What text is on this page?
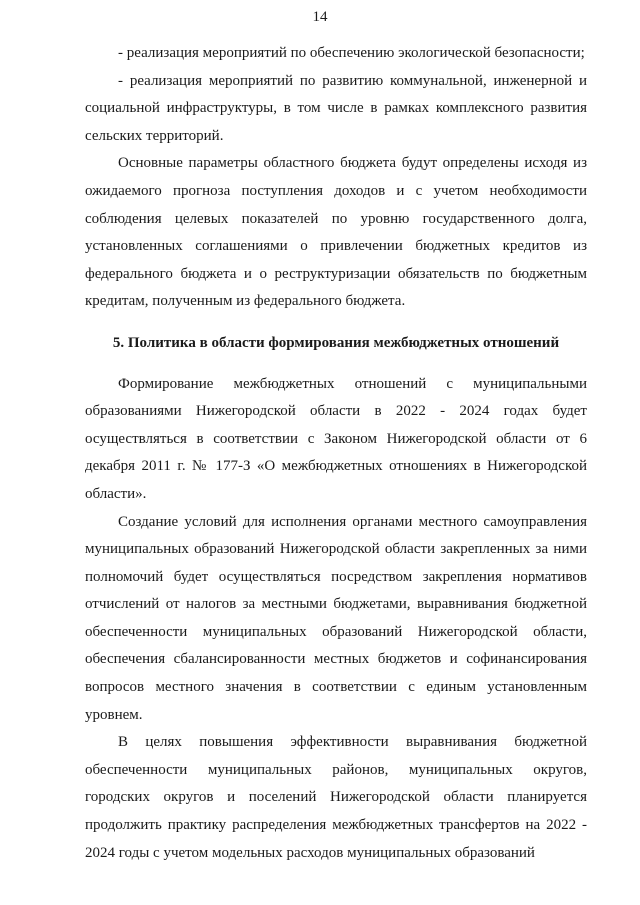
14

- реализация мероприятий по обеспечению экологической безопасности;

- реализация мероприятий по развитию коммунальной, инженерной и социальной инфраструктуры, в том числе в рамках комплексного развития сельских территорий.

Основные параметры областного бюджета будут определены исходя из ожидаемого прогноза поступления доходов и с учетом необходимости соблюдения целевых показателей по уровню государственного долга, установленных соглашениями о привлечении бюджетных кредитов из федерального бюджета и о реструктуризации обязательств по бюджетным кредитам, полученным из федерального бюджета.

5. Политика в области формирования межбюджетных отношений

Формирование межбюджетных отношений с муниципальными образованиями Нижегородской области в 2022 - 2024 годах будет осуществляться в соответствии с Законом Нижегородской области от 6 декабря 2011 г. № 177-З «О межбюджетных отношениях в Нижегородской области».

Создание условий для исполнения органами местного самоуправления муниципальных образований Нижегородской области закрепленных за ними полномочий будет осуществляться посредством закрепления нормативов отчислений от налогов за местными бюджетами, выравнивания бюджетной обеспеченности муниципальных образований Нижегородской области, обеспечения сбалансированности местных бюджетов и софинансирования вопросов местного значения в соответствии с единым установленным уровнем.

В целях повышения эффективности выравнивания бюджетной обеспеченности муниципальных районов, муниципальных округов, городских округов и поселений Нижегородской области планируется продолжить практику распределения межбюджетных трансфертов на 2022 - 2024 годы с учетом модельных расходов муниципальных образований
